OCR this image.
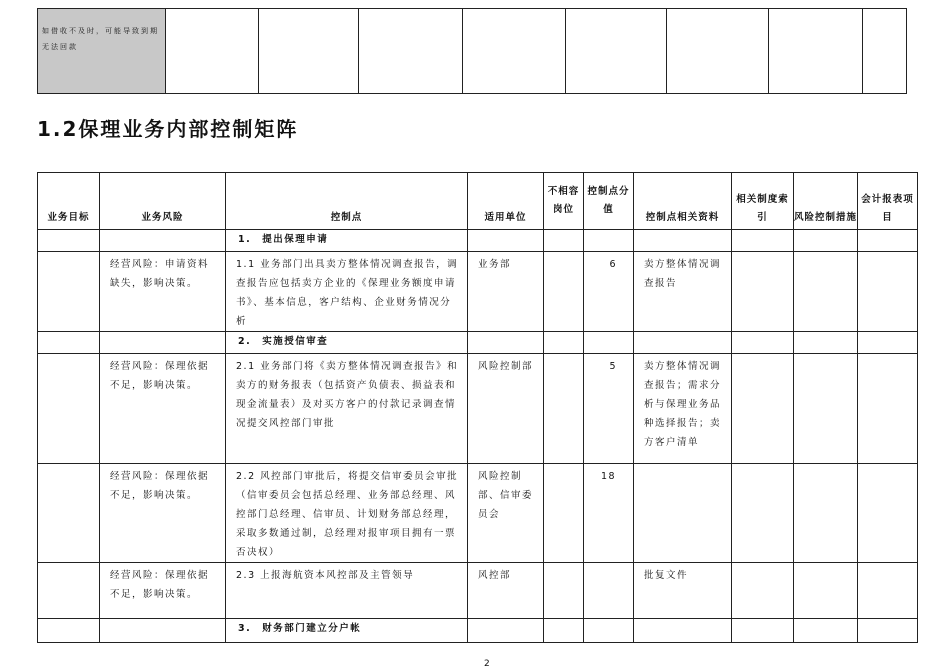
如借收不及时，可能导致到期无法回款								
1.2保理业务内部控制矩阵
业务目标	业务风险	控制点	适用单位	不相容岗位	控制点分值	控制点相关资料	相关制度索引	风险控制措施	会计报表项目
		1.　提出保理申请							
	经营风险：申请资料缺失，影响决策。	1.1 业务部门出具卖方整体情况调查报告，调查报告应包括卖方企业的《保理业务额度申请书》、基本信息，客户结构、企业财务情况分析	业务部		6	卖方整体情况调查报告			
		2.　实施授信审查							
	经营风险：保理依据不足，影响决策。	2.1 业务部门将《卖方整体情况调查报告》和卖方的财务报表（包括资产负债表、损益表和现金流量表）及对买方客户的付款记录调查情况提交风控部门审批	风险控制部		5	卖方整体情况调查报告；需求分析与保理业务品种选择报告；卖方客户清单			
	经营风险：保理依据不足，影响决策。	2.2 风控部门审批后，将提交信审委员会审批（信审委员会包括总经理、业务部总经理、风控部门总经理、信审员、计划财务部总经理，采取多数通过制，总经理对报审项目拥有一票否决权）	风险控制部、信审委员会		18				
	经营风险：保理依据不足，影响决策。	2.3 上报海航资本风控部及主管领导	风控部			批复文件			
		3.　财务部门建立分户帐							
2
